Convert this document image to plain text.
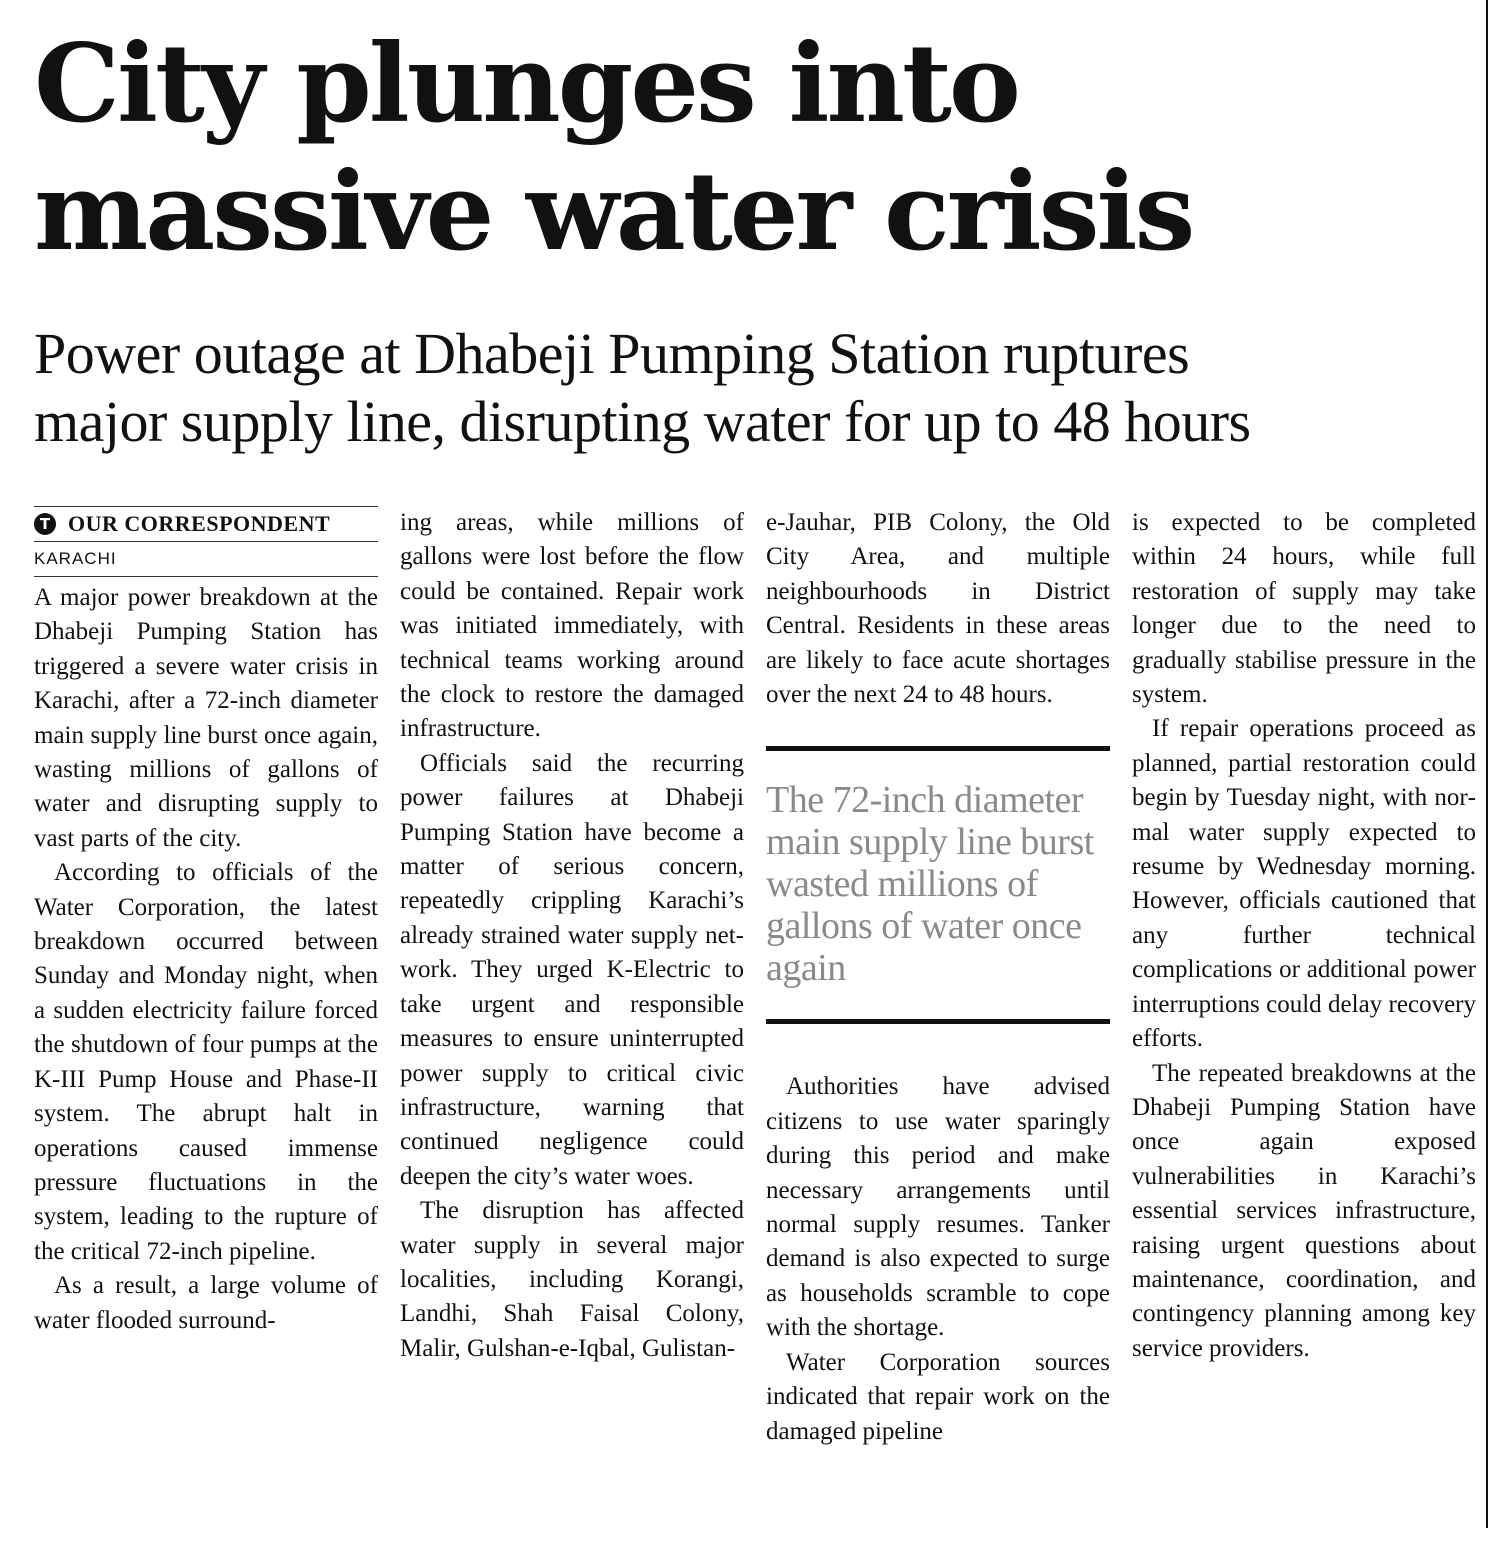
City plunges into
massive water crisis
Power outage at Dhabeji Pumping Station ruptures
major supply line, disrupting water for up to 48 hours
T OUR CORRESPONDENT
KARACHI

A major power breakdown at the Dhabeji Pumping Station has triggered a severe water crisis in Karachi, after a 72-inch diameter main supply line burst once again, wasting millions of gallons of water and disrupting supply to vast parts of the city.

According to officials of the Water Corporation, the latest breakdown occurred between Sunday and Monday night, when a sudden electricity failure forced the shutdown of four pumps at the K-III Pump House and Phase-II system. The abrupt halt in operations caused immense pressure fluctuations in the system, leading to the rupture of the critical 72-inch pipeline.

As a result, a large volume of water flooded surround-

ing areas, while millions of gallons were lost before the flow could be contained. Repair work was initiated immediately, with technical teams working around the clock to restore the damaged infrastructure.

Officials said the recurring power failures at Dhabeji Pumping Station have become a matter of serious concern, repeatedly crippling Karachi’s already strained water supply network. They urged K-Electric to take urgent and responsible measures to ensure uninterrupted power supply to critical civic infrastructure, warning that continued negligence could deepen the city’s water woes.

The disruption has affected water supply in several major localities, including Korangi, Landhi, Shah Faisal Colony, Malir, Gulshan-e-Iqbal, Gulistan-

e-Jauhar, PIB Colony, the Old City Area, and multiple neighbourhoods in District Central. Residents in these areas are likely to face acute shortages over the next 24 to 48 hours.

The 72-inch diameter main supply line burst wasted millions of gallons of water once again

Authorities have advised citizens to use water sparingly during this period and make necessary arrangements until normal supply resumes. Tanker demand is also expected to surge as households scramble to cope with the shortage.

Water Corporation sources indicated that repair work on the damaged pipeline

is expected to be completed within 24 hours, while full restoration of supply may take longer due to the need to gradually stabilise pressure in the system.

If repair operations proceed as planned, partial restoration could begin by Tuesday night, with normal water supply expected to resume by Wednesday morning. However, officials cautioned that any further technical complications or additional power interruptions could delay recovery efforts.

The repeated breakdowns at the Dhabeji Pumping Station have once again exposed vulnerabilities in Karachi’s essential services infrastructure, raising urgent questions about maintenance, coordination, and contingency planning among key service providers.
